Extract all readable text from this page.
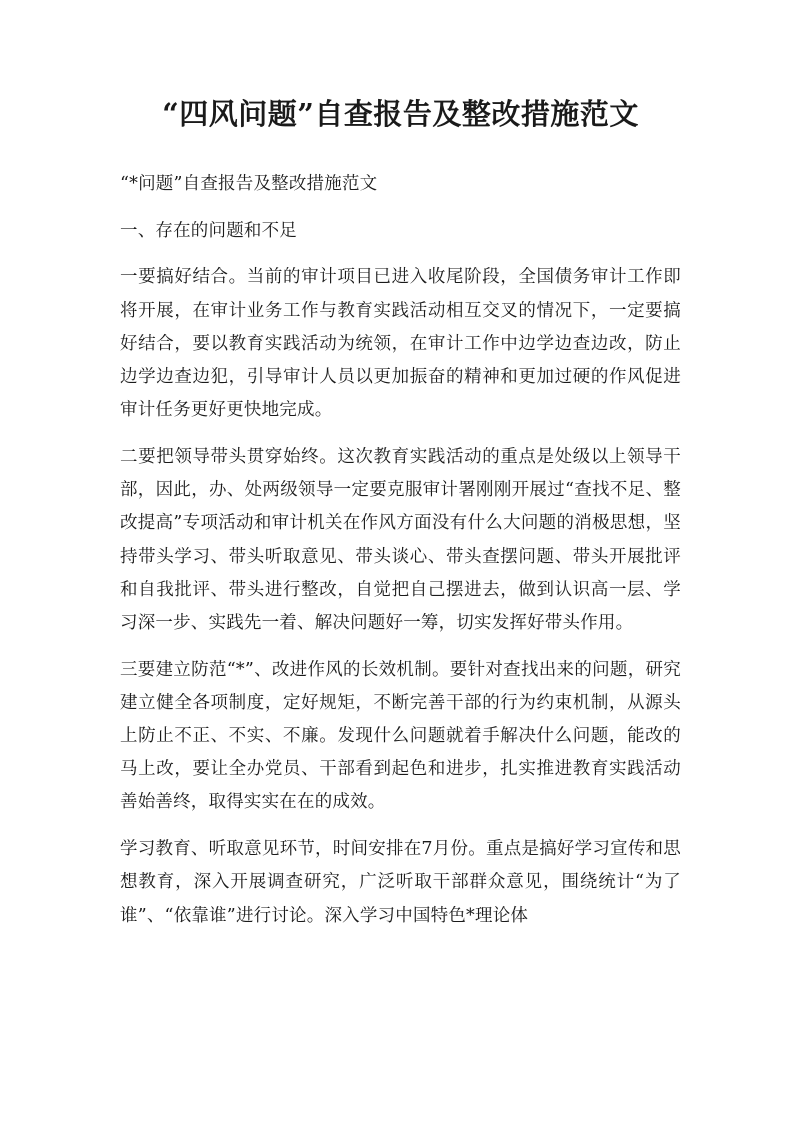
“四风问题”自查报告及整改措施范文

“*问题”自查报告及整改措施范文

一、存在的问题和不足

一要搞好结合。当前的审计项目已进入收尾阶段，全国债务审计工作即将开展，在审计业务工作与教育实践活动相互交叉的情况下，一定要搞好结合，要以教育实践活动为统领，在审计工作中边学边查边改，防止边学边查边犯，引导审计人员以更加振奋的精神和更加过硬的作风促进审计任务更好更快地完成。

二要把领导带头贯穿始终。这次教育实践活动的重点是处级以上领导干部，因此，办、处两级领导一定要克服审计署刚刚开展过“查找不足、整改提高”专项活动和审计机关在作风方面没有什么大问题的消极思想，坚持带头学习、带头听取意见、带头谈心、带头查摆问题、带头开展批评和自我批评、带头进行整改，自觉把自己摆进去，做到认识高一层、学习深一步、实践先一着、解决问题好一筹，切实发挥好带头作用。

三要建立防范“*”、改进作风的长效机制。要针对查找出来的问题，研究建立健全各项制度，定好规矩，不断完善干部的行为约束机制，从源头上防止不正、不实、不廉。发现什么问题就着手解决什么问题，能改的马上改，要让全办党员、干部看到起色和进步，扎实推进教育实践活动善始善终，取得实实在在的成效。

学习教育、听取意见环节，时间安排在7月份。重点是搞好学习宣传和思想教育，深入开展调查研究，广泛听取干部群众意见，围绕统计“为了谁”、“依靠谁”进行讨论。深入学习中国特色*理论体
